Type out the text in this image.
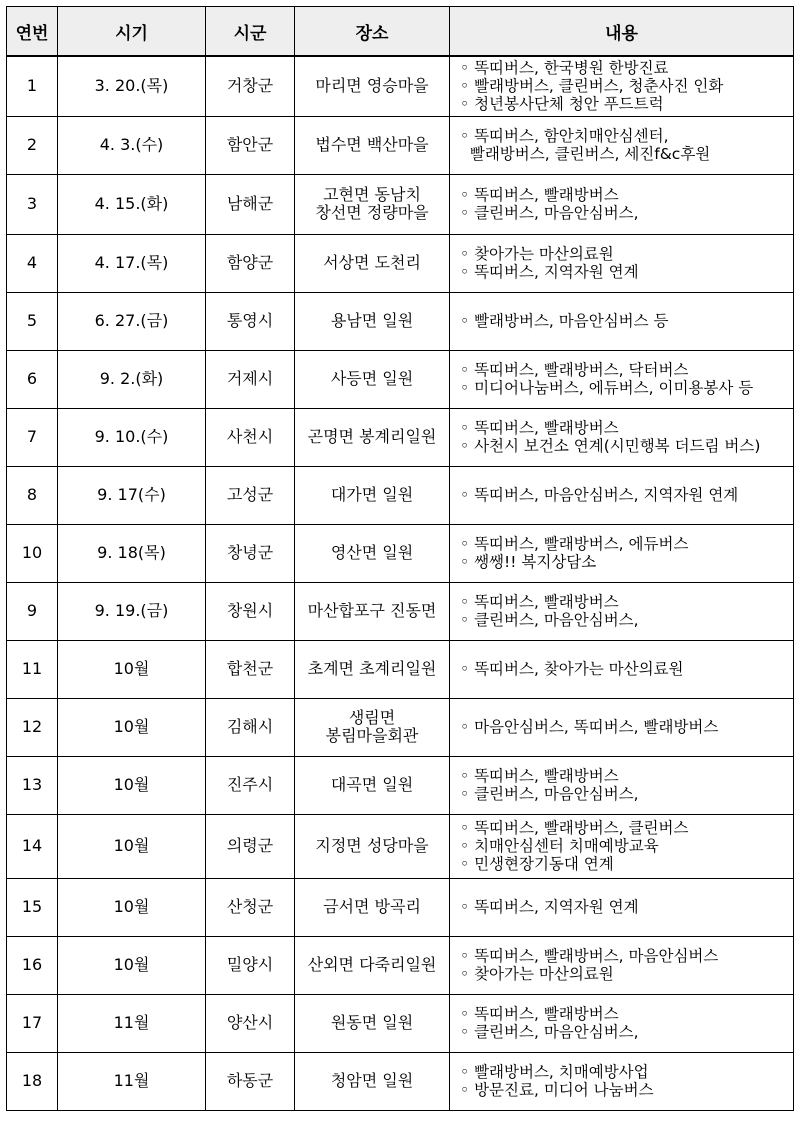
연번	시기	시군	장소	내용
1	3. 20.(목)	거창군	마리면 영승마을	◦ 똑띠버스, 한국병원 한방진료
◦ 빨래방버스, 클린버스, 청춘사진 인화
◦ 청년봉사단체 청안 푸드트럭

2	4. 3.(수)	함안군	법수면 백산마을	◦ 똑띠버스, 함안치매안심센터,
빨래방버스, 클린버스, 세진f&c후원

3	4. 15.(화)	남해군	고현면 동남치
창선면 정량마을	◦ 똑띠버스, 빨래방버스
◦ 클린버스, 마음안심버스,

4	4. 17.(목)	함양군	서상면 도천리	◦ 찾아가는 마산의료원
◦ 똑띠버스, 지역자원 연계

5	6. 27.(금)	통영시	용남면 일원	◦ 빨래방버스, 마음안심버스 등

6	9. 2.(화)	거제시	사등면 일원	◦ 똑띠버스, 빨래방버스, 닥터버스
◦ 미디어나눔버스, 에듀버스, 이미용봉사 등

7	9. 10.(수)	사천시	곤명면 봉계리일원	◦ 똑띠버스, 빨래방버스
◦ 사천시 보건소 연계(시민행복 더드림 버스)

8	9. 17(수)	고성군	대가면 일원	◦ 똑띠버스, 마음안심버스, 지역자원 연계

10	9. 18(목)	창녕군	영산면 일원	◦ 똑띠버스, 빨래방버스, 에듀버스
◦ 쌩쌩!! 복지상담소

9	9. 19.(금)	창원시	마산합포구 진동면	◦ 똑띠버스, 빨래방버스
◦ 클린버스, 마음안심버스,

11	10월	합천군	초계면 초계리일원	◦ 똑띠버스, 찾아가는 마산의료원

12	10월	김해시	생림면
봉림마을회관	◦ 마음안심버스, 똑띠버스, 빨래방버스

13	10월	진주시	대곡면 일원	◦ 똑띠버스, 빨래방버스
◦ 클린버스, 마음안심버스,

14	10월	의령군	지정면 성당마을	◦ 똑띠버스, 빨래방버스, 클린버스
◦ 치매안심센터 치매예방교육
◦ 민생현장기동대 연계

15	10월	산청군	금서면 방곡리	◦ 똑띠버스, 지역자원 연계

16	10월	밀양시	산외면 다죽리일원	◦ 똑띠버스, 빨래방버스, 마음안심버스
◦ 찾아가는 마산의료원

17	11월	양산시	원동면 일원	◦ 똑띠버스, 빨래방버스
◦ 클린버스, 마음안심버스,

18	11월	하동군	청암면 일원	◦ 빨래방버스, 치매예방사업
◦ 방문진료, 미디어 나눔버스
